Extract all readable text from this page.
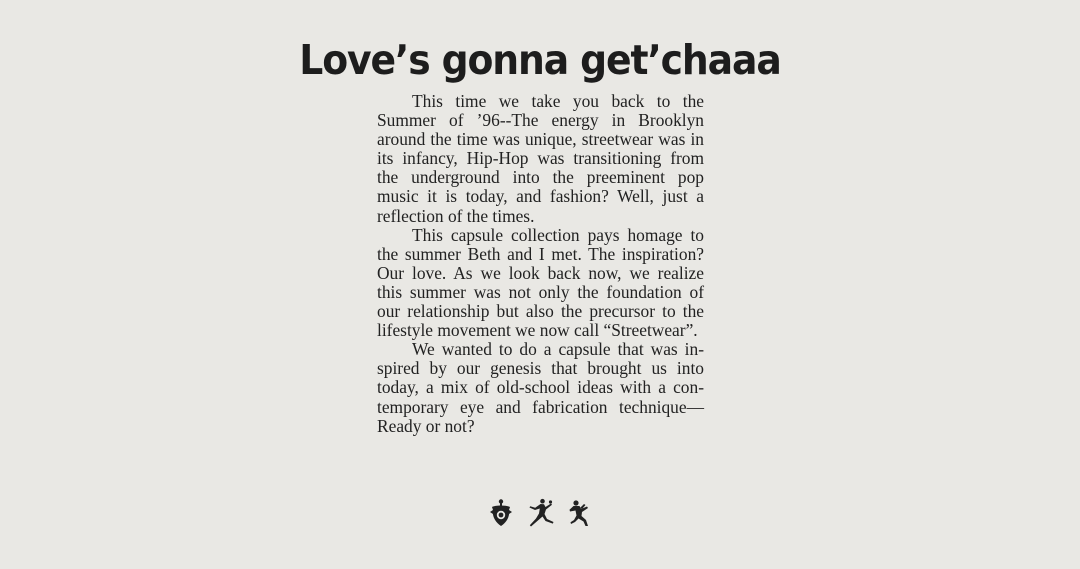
Love’s gonna get’chaaa

This time we take you back to the Summer of ’96--The energy in Brooklyn around the time was unique, streetwear was in its infancy, Hip-Hop was transitioning from the underground into the preeminent pop music it is today, and fashion? Well, just a reflection of the times.

This capsule collection pays homage to the summer Beth and I met. The inspiration? Our love. As we look back now, we realize this summer was not only the foundation of our relationship but also the precursor to the lifestyle movement we now call “Streetwear”.

We wanted to do a capsule that was inspired by our genesis that brought us into today, a mix of old-school ideas with a contemporary eye and fabrication technique—Ready or not?
